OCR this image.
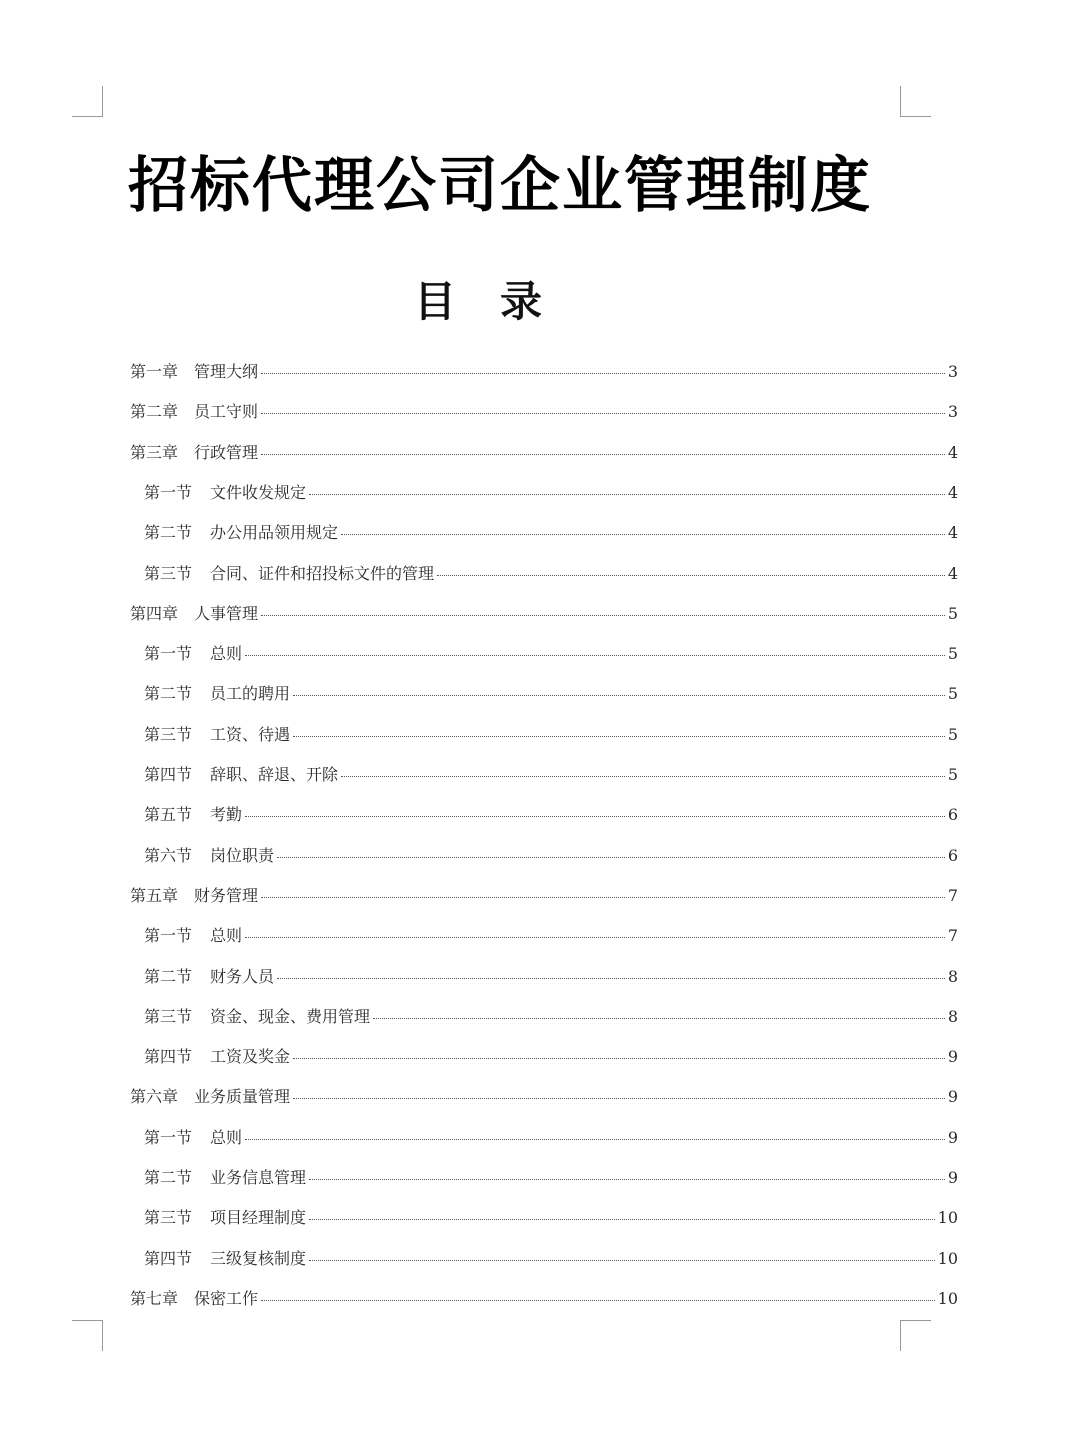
招标代理公司企业管理制度
目录
第一章 管理大纲	3
第二章 员工守则	3
第三章 行政管理	4
第一节 文件收发规定	4
第二节 办公用品领用规定	4
第三节 合同、证件和招投标文件的管理	4
第四章 人事管理	5
第一节 总则	5
第二节 员工的聘用	5
第三节 工资、待遇	5
第四节 辞职、辞退、开除	5
第五节 考勤	6
第六节 岗位职责	6
第五章 财务管理	7
第一节 总则	7
第二节 财务人员	8
第三节 资金、现金、费用管理	8
第四节 工资及奖金	9
第六章 业务质量管理	9
第一节 总则	9
第二节 业务信息管理	9
第三节 项目经理制度	10
第四节 三级复核制度	10
第七章 保密工作	10
